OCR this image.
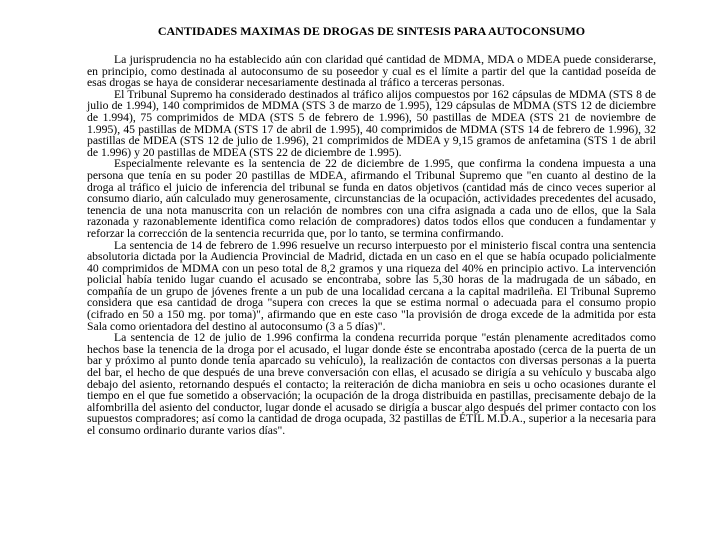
CANTIDADES MAXIMAS DE DROGAS DE SINTESIS PARA AUTOCONSUMO

La jurisprudencia no ha establecido aún con claridad qué cantidad de MDMA, MDA o MDEA puede considerarse, en principio, como destinada al autoconsumo de su poseedor y cual es el límite a partir del que la cantidad poseída de esas drogas se haya de considerar necesariamente destinada al tráfico a terceras personas.

El Tribunal Supremo ha considerado destinados al tráfico alijos compuestos por 162 cápsulas de MDMA (STS 8 de julio de 1.994), 140 comprimidos de MDMA (STS 3 de marzo de 1.995), 129 cápsulas de MDMA (STS 12 de diciembre de 1.994), 75 comprimidos de MDA (STS 5 de febrero de 1.996), 50 pastillas de MDEA (STS 21 de noviembre de 1.995), 45 pastillas de MDMA (STS 17 de abril de 1.995), 40 comprimidos de MDMA (STS 14 de febrero de 1.996), 32 pastillas de MDEA (STS 12 de julio de 1.996), 21 comprimidos de MDEA y 9,15 gramos de anfetamina (STS 1 de abril de 1.996) y 20 pastillas de MDEA (STS 22 de diciembre de 1.995).

Especialmente relevante es la sentencia de 22 de diciembre de 1.995, que confirma la condena impuesta a una persona que tenía en su poder 20 pastillas de MDEA, afirmando el Tribunal Supremo que "en cuanto al destino de la droga al tráfico el juicio de inferencia del tribunal se funda en datos objetivos (cantidad más de cinco veces superior al consumo diario, aún calculado muy generosamente, circunstancias de la ocupación, actividades precedentes del acusado, tenencia de una nota manuscrita con un relación de nombres con una cifra asignada a cada uno de ellos, que la Sala razonada y razonablemente identifica como relación de compradores) datos todos ellos que conducen a fundamentar y reforzar la corrección de la sentencia recurrida que, por lo tanto, se termina confirmando.

La sentencia de 14 de febrero de 1.996 resuelve un recurso interpuesto por el ministerio fiscal contra una sentencia absolutoria dictada por la Audiencia Provincial de Madrid, dictada en un caso en el que se había ocupado policialmente 40 comprimidos de MDMA con un peso total de 8,2 gramos y una riqueza del 40% en principio activo. La intervención policial había tenido lugar cuando el acusado se encontraba, sobre las 5,30 horas de la madrugada de un sábado, en compañía de un grupo de jóvenes frente a un pub de una localidad cercana a la capital madrileña. El Tribunal Supremo considera que esa cantidad de droga "supera con creces la que se estima normal o adecuada para el consumo propio (cifrado en 50 a 150 mg. por toma)", afirmando que en este caso "la provisión de droga excede de la admitida por esta Sala como orientadora del destino al autoconsumo (3 a 5 días)".

La sentencia de 12 de julio de 1.996 confirma la condena recurrida porque "están plenamente acreditados como hechos base la tenencia de la droga por el acusado, el lugar donde éste se encontraba apostado (cerca de la puerta de un bar y próximo al punto donde tenía aparcado su vehículo), la realización de contactos con diversas personas a la puerta del bar, el hecho de que después de una breve conversación con ellas, el acusado se dirigía a su vehículo y buscaba algo debajo del asiento, retornando después el contacto; la reiteración de dicha maniobra en seis u ocho ocasiones durante el tiempo en el que fue sometido a observación; la ocupación de la droga distribuida en pastillas, precisamente debajo de la alfombrilla del asiento del conductor, lugar donde el acusado se dirigía a buscar algo después del primer contacto con los supuestos compradores; así como la cantidad de droga ocupada, 32 pastillas de ÉTIL M.D.A., superior a la necesaria para el consumo ordinario durante varios días".
